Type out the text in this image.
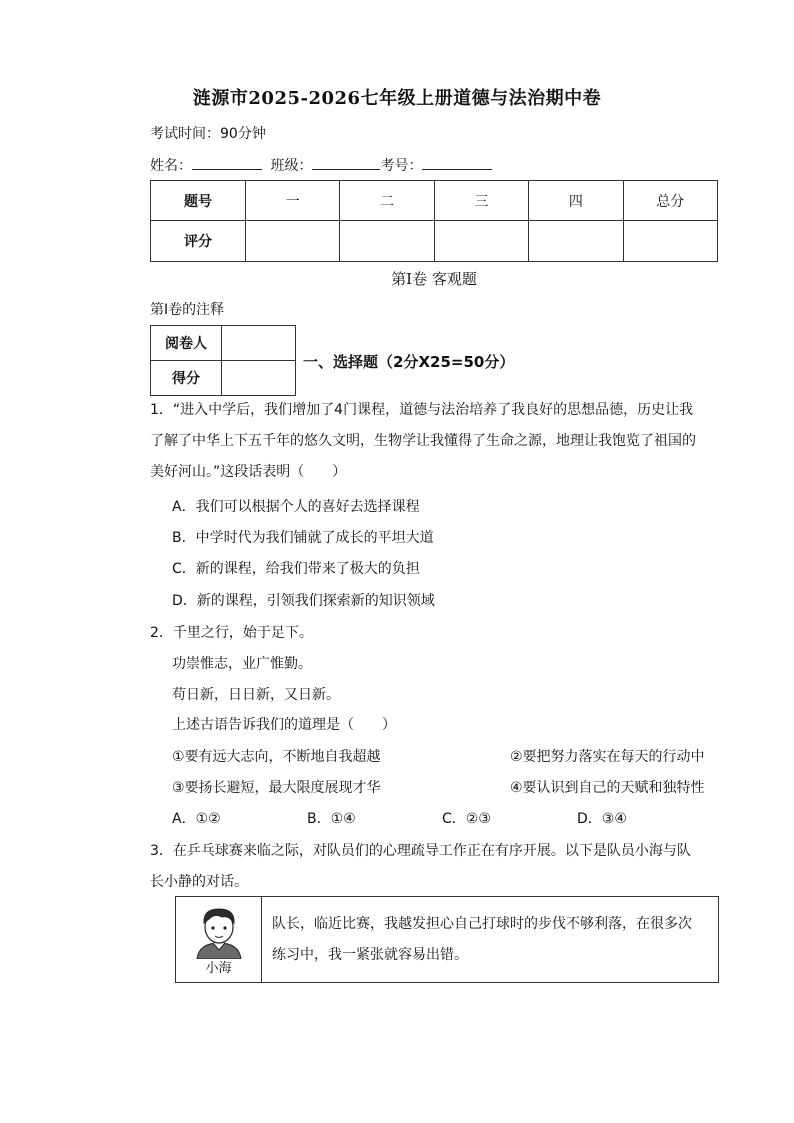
涟源市2025-2026七年级上册道德与法治期中卷
考试时间：90分钟
姓名：	班级：	考号：
题号	一	二	三	四	总分
评分					
第Ⅰ卷 客观题
第Ⅰ卷的注释
阅卷人	
得分	
一、选择题（2分X25=50分）
1．“进入中学后，我们增加了4门课程，道德与法治培养了我良好的思想品德，历史让我
了解了中华上下五千年的悠久文明，生物学让我懂得了生命之源，地理让我饱览了祖国的
美好河山。”这段话表明（　　）
A．我们可以根据个人的喜好去选择课程
B．中学时代为我们铺就了成长的平坦大道
C．新的课程，给我们带来了极大的负担
D．新的课程，引领我们探索新的知识领域
2．千里之行，始于足下。
功崇惟志，业广惟勤。
苟日新，日日新，又日新。
上述古语告诉我们的道理是（　　）
①要有远大志向，不断地自我超越	②要把努力落实在每天的行动中
③要扬长避短，最大限度展现才华	④要认识到自己的天赋和独特性
A．①②	B．①④	C．②③	D．③④
3．在乒乓球赛来临之际，对队员们的心理疏导工作正在有序开展。以下是队员小海与队
长小静的对话。
小海
队长，临近比赛，我越发担心自己打球时的步伐不够利落，在很多次
练习中，我一紧张就容易出错。
